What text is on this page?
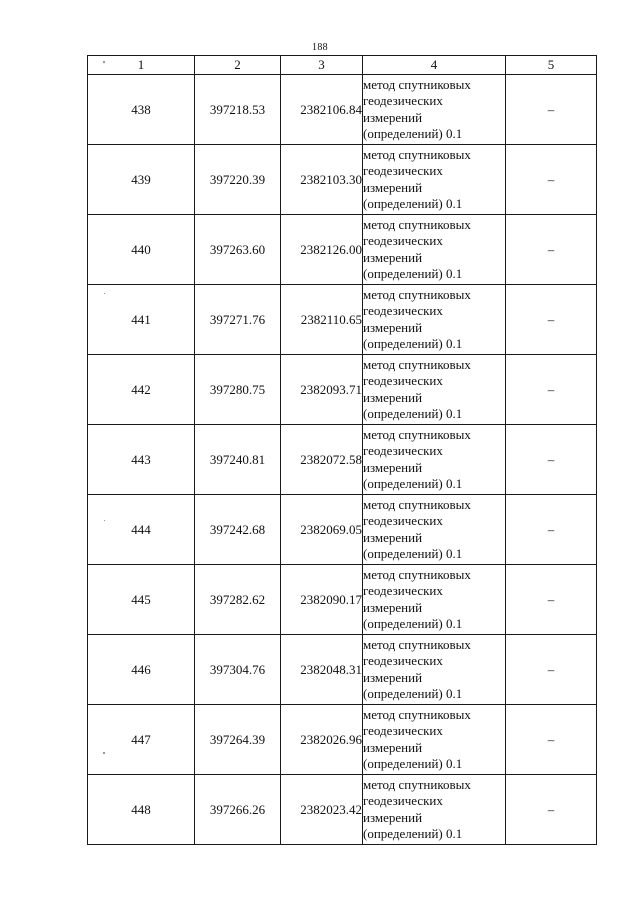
188
1	2	3	4	5
438	397218.53	2382106.84	метод спутниковых
геодезических
измерений
(определений) 0.1	–
439	397220.39	2382103.30	метод спутниковых
геодезических
измерений
(определений) 0.1	–
440	397263.60	2382126.00	метод спутниковых
геодезических
измерений
(определений) 0.1	–
441	397271.76	2382110.65	метод спутниковых
геодезических
измерений
(определений) 0.1	–
442	397280.75	2382093.71	метод спутниковых
геодезических
измерений
(определений) 0.1	–
443	397240.81	2382072.58	метод спутниковых
геодезических
измерений
(определений) 0.1	–
444	397242.68	2382069.05	метод спутниковых
геодезических
измерений
(определений) 0.1	–
445	397282.62	2382090.17	метод спутниковых
геодезических
измерений
(определений) 0.1	–
446	397304.76	2382048.31	метод спутниковых
геодезических
измерений
(определений) 0.1	–
447	397264.39	2382026.96	метод спутниковых
геодезических
измерений
(определений) 0.1	–
448	397266.26	2382023.42	метод спутниковых
геодезических
измерений
(определений) 0.1	–
